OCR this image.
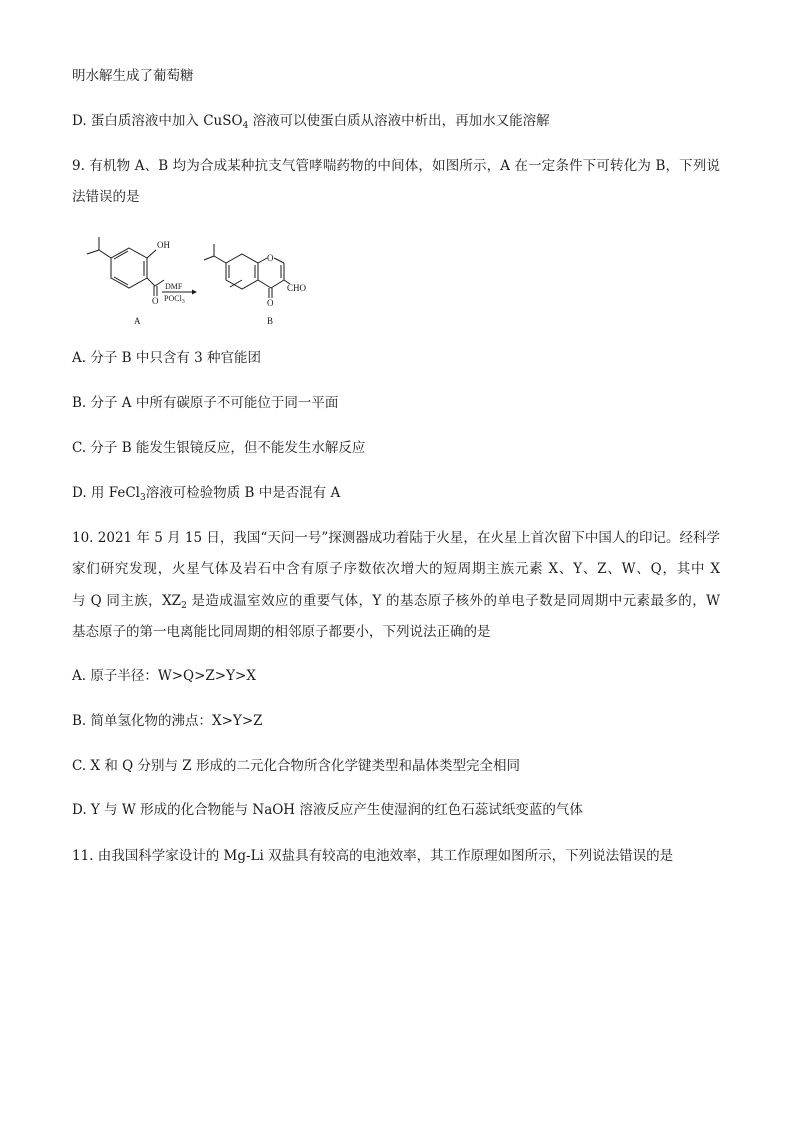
明水解生成了葡萄糖
D. 蛋白质溶液中加入 CuSO$_4$ 溶液可以使蛋白质从溶液中析出，再加水又能溶解
9. 有机物 A、B 均为合成某种抗支气管哮喘药物的中间体，如图所示，A 在一定条件下可转化为 B，下列说
法错误的是
OH
O
A
DMF
POCl$_3$
O
O
CHO
B
A. 分子 B 中只含有 3 种官能团
B. 分子 A 中所有碳原子不可能位于同一平面
C. 分子 B 能发生银镜反应，但不能发生水解反应
D. 用 FeCl$_3$溶液可检验物质 B 中是否混有 A
10. 2021 年 5 月 15 日，我国“天问一号”探测器成功着陆于火星，在火星上首次留下中国人的印记。经科学
家们研究发现，火星气体及岩石中含有原子序数依次增大的短周期主族元素 X、Y、Z、W、Q，其中 X
与 Q 同主族，$XZ_2$ 是造成温室效应的重要气体，Y 的基态原子核外的单电子数是同周期中元素最多的，W
基态原子的第一电离能比同周期的相邻原子都要小，下列说法正确的是
A. 原子半径：W>Q>Z>Y>X
B. 简单氢化物的沸点：X>Y>Z
C. X 和 Q 分别与 Z 形成的二元化合物所含化学键类型和晶体类型完全相同
D. Y 与 W 形成的化合物能与 NaOH 溶液反应产生使湿润的红色石蕊试纸变蓝的气体
11. 由我国科学家设计的 Mg-Li 双盐具有较高的电池效率，其工作原理如图所示，下列说法错误的是
